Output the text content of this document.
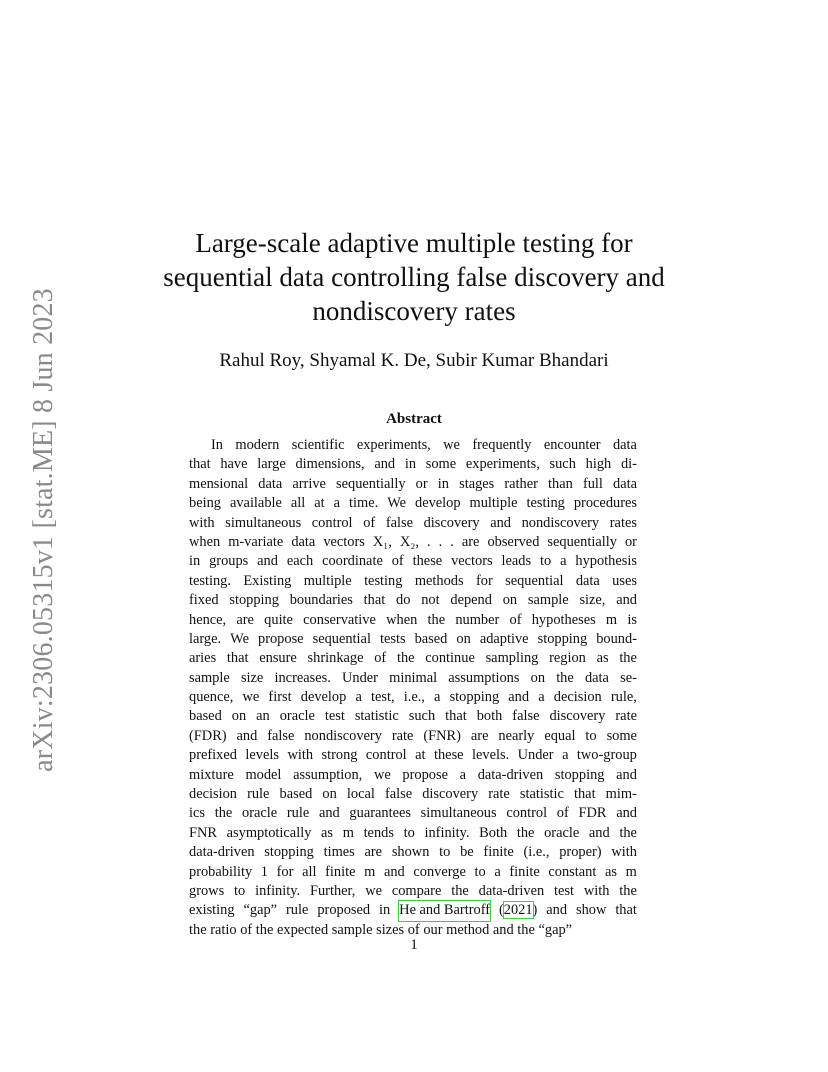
arXiv:2306.05315v1 [stat.ME] 8 Jun 2023
Large-scale adaptive multiple testing for
sequential data controlling false discovery and
nondiscovery rates
Rahul Roy, Shyamal K. De, Subir Kumar Bhandari
Abstract
In modern scientific experiments, we frequently encounter data
that have large dimensions, and in some experiments, such high di-
mensional data arrive sequentially or in stages rather than full data
being available all at a time. We develop multiple testing procedures
with simultaneous control of false discovery and nondiscovery rates
when m-variate data vectors X₁, X₂, . . . are observed sequentially or
in groups and each coordinate of these vectors leads to a hypothesis
testing. Existing multiple testing methods for sequential data uses
fixed stopping boundaries that do not depend on sample size, and
hence, are quite conservative when the number of hypotheses m is
large. We propose sequential tests based on adaptive stopping bound-
aries that ensure shrinkage of the continue sampling region as the
sample size increases. Under minimal assumptions on the data se-
quence, we first develop a test, i.e., a stopping and a decision rule,
based on an oracle test statistic such that both false discovery rate
(FDR) and false nondiscovery rate (FNR) are nearly equal to some
prefixed levels with strong control at these levels. Under a two-group
mixture model assumption, we propose a data-driven stopping and
decision rule based on local false discovery rate statistic that mim-
ics the oracle rule and guarantees simultaneous control of FDR and
FNR asymptotically as m tends to infinity. Both the oracle and the
data-driven stopping times are shown to be finite (i.e., proper) with
probability 1 for all finite m and converge to a finite constant as m
grows to infinity. Further, we compare the data-driven test with the
existing “gap” rule proposed in He and Bartroff (2021) and show that
the
ratio
of
the
expected
sample
sizes
of
our
method
and
the
“gap”
1
